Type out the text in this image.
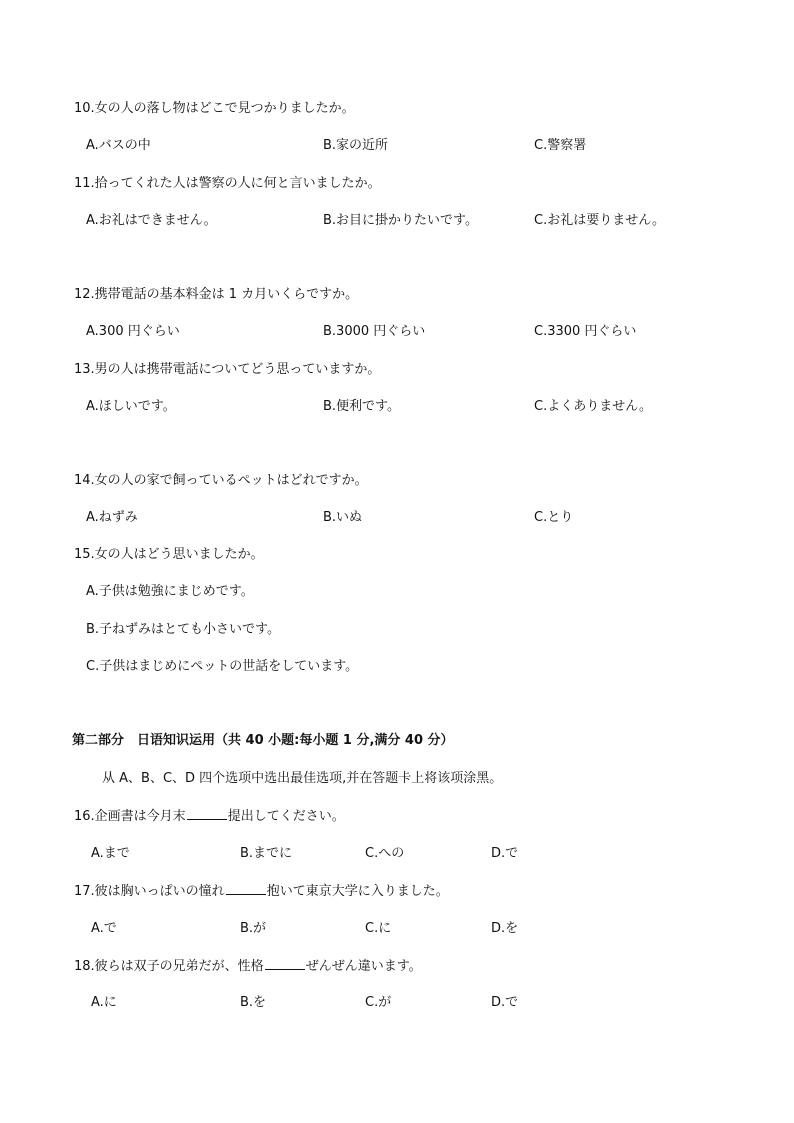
10.女の人の落し物はどこで見つかりましたか。
A.バスの中	B.家の近所	C.警察署
11.拾ってくれた人は警察の人に何と言いましたか。
A.お礼はできません。	B.お目に掛かりたいです。	C.お礼は要りません。
12.携帯電話の基本料金は 1 カ月いくらですか。
A.300 円ぐらい	B.3000 円ぐらい	C.3300 円ぐらい
13.男の人は携帯電話についてどう思っていますか。
A.ほしいです。	B.便利です。	C.よくありません。
14.女の人の家で飼っているペットはどれですか。
A.ねずみ	B.いぬ	C.とり
15.女の人はどう思いましたか。
A.子供は勉強にまじめです。
B.子ねずみはとても小さいです。
C.子供はまじめにペットの世話をしています。
第二部分　日语知识运用（共 40 小题:每小题 1 分,满分 40 分）
从 A、B、C、D 四个选项中选出最佳选项,并在答题卡上将该项涂黑。
16.企画書は今月末	提出してください。
A.まで	B.までに	C.への	D.で
17.彼は胸いっぱいの憧れ	抱いて東京大学に入りました。
A.で	B.が	C.に	D.を
18.彼らは双子の兄弟だが、性格	ぜんぜん違います。
A.に	B.を	C.が	D.で
